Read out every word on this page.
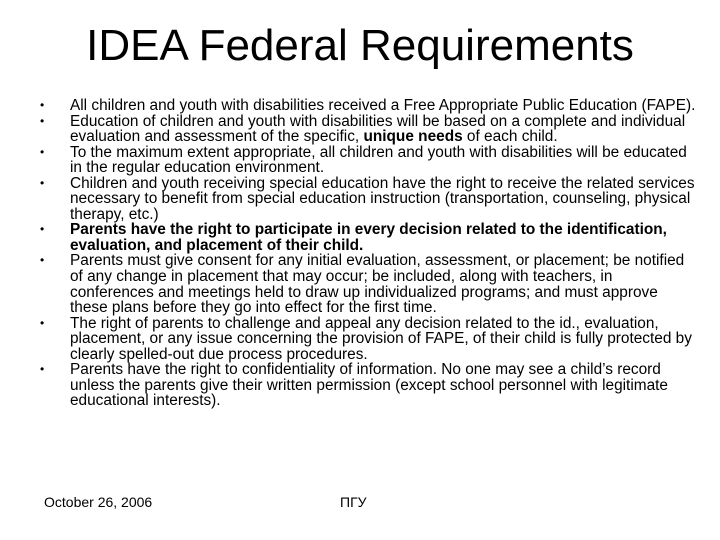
IDEA Federal Requirements
•	All children and youth with disabilities received a Free Appropriate Public Education (FAPE).
•	Education of children and youth with disabilities will be based on a complete and individual evaluation and assessment of the specific, unique needs of each child.
•	To the maximum extent appropriate, all children and youth with disabilities will be educated in the regular education environment.
•	Children and youth receiving special education have the right to receive the related services necessary to benefit from special education instruction (transportation, counseling, physical therapy, etc.)
•	Parents have the right to participate in every decision related to the identification, evaluation, and placement of their child.
•	Parents must give consent for any initial evaluation, assessment, or placement; be notified of any change in placement that may occur; be included, along with teachers, in conferences and meetings held to draw up individualized programs; and must approve these plans before they go into effect for the first time.
•	The right of parents to challenge and appeal any decision related to the id., evaluation, placement, or any issue concerning the provision of FAPE, of their child is fully protected by clearly spelled-out due process procedures.
•	Parents have the right to confidentiality of information. No one may see a child’s record unless the parents give their written permission (except school personnel with legitimate educational interests).
October 26, 2006	ПГУ
